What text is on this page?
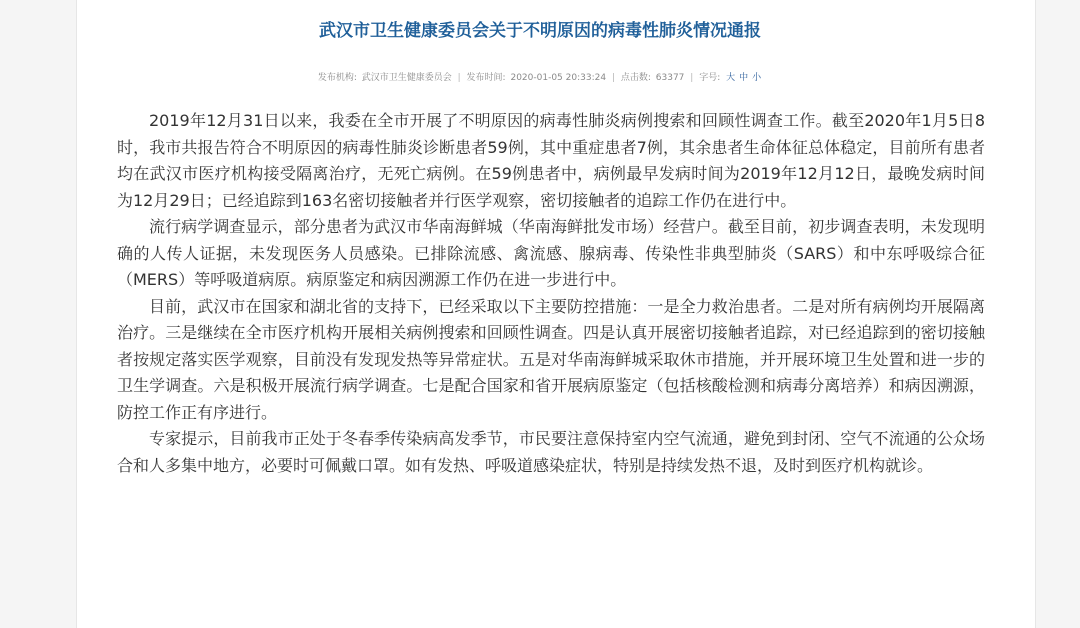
武汉市卫生健康委员会关于不明原因的病毒性肺炎情况通报
发布机构: 武汉市卫生健康委员会 | 发布时间: 2020-01-05 20:33:24 | 点击数: 63377 | 字号: 大 中 小

2019年12月31日以来，我委在全市开展了不明原因的病毒性肺炎病例搜索和回顾性调查工作。截至2020年1月5日8时，我市共报告符合不明原因的病毒性肺炎诊断患者59例，其中重症患者7例，其余患者生命体征总体稳定，目前所有患者均在武汉市医疗机构接受隔离治疗，无死亡病例。在59例患者中，病例最早发病时间为2019年12月12日，最晚发病时间为12月29日；已经追踪到163名密切接触者并行医学观察，密切接触者的追踪工作仍在进行中。

流行病学调查显示，部分患者为武汉市华南海鲜城（华南海鲜批发市场）经营户。截至目前，初步调查表明，未发现明确的人传人证据，未发现医务人员感染。已排除流感、禽流感、腺病毒、传染性非典型肺炎（SARS）和中东呼吸综合征（MERS）等呼吸道病原。病原鉴定和病因溯源工作仍在进一步进行中。

目前，武汉市在国家和湖北省的支持下，已经采取以下主要防控措施：一是全力救治患者。二是对所有病例均开展隔离治疗。三是继续在全市医疗机构开展相关病例搜索和回顾性调查。四是认真开展密切接触者追踪，对已经追踪到的密切接触者按规定落实医学观察，目前没有发现发热等异常症状。五是对华南海鲜城采取休市措施，并开展环境卫生处置和进一步的卫生学调查。六是积极开展流行病学调查。七是配合国家和省开展病原鉴定（包括核酸检测和病毒分离培养）和病因溯源，防控工作正有序进行。

专家提示，目前我市正处于冬春季传染病高发季节，市民要注意保持室内空气流通，避免到封闭、空气不流通的公众场合和人多集中地方，必要时可佩戴口罩。如有发热、呼吸道感染症状，特别是持续发热不退，及时到医疗机构就诊。
